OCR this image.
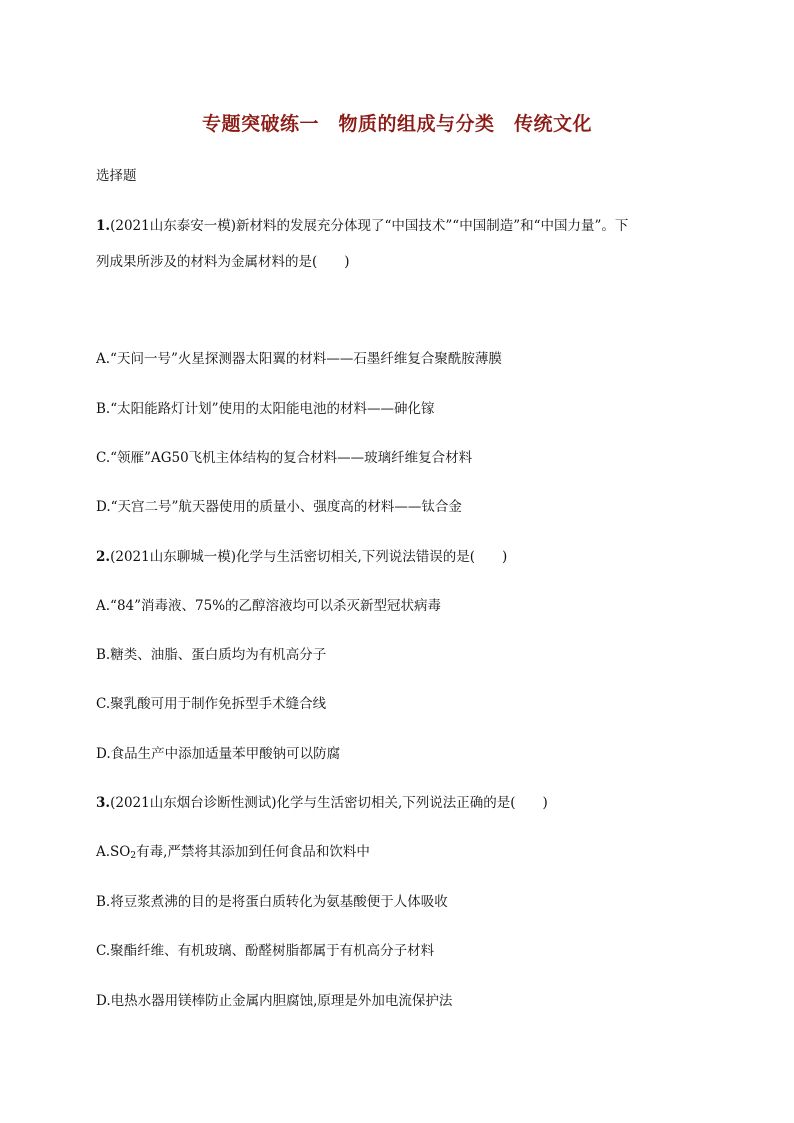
专题突破练一　物质的组成与分类　传统文化
选择题
1.(2021山东泰安一模)新材料的发展充分体现了“中国技术”“中国制造”和“中国力量”。下
列成果所涉及的材料为金属材料的是(　　)
A.“天问一号”火星探测器太阳翼的材料——石墨纤维复合聚酰胺薄膜
B.“太阳能路灯计划”使用的太阳能电池的材料——砷化镓
C.“领雁”AG50飞机主体结构的复合材料——玻璃纤维复合材料
D.“天宫二号”航天器使用的质量小、强度高的材料——钛合金
2.(2021山东聊城一模)化学与生活密切相关,下列说法错误的是(　　)
A.“84”消毒液、75%的乙醇溶液均可以杀灭新型冠状病毒
B.糖类、油脂、蛋白质均为有机高分子
C.聚乳酸可用于制作免拆型手术缝合线
D.食品生产中添加适量苯甲酸钠可以防腐
3.(2021山东烟台诊断性测试)化学与生活密切相关,下列说法正确的是(　　)
$A.SO_2$有毒,严禁将其添加到任何食品和饮料中
B.将豆浆煮沸的目的是将蛋白质转化为氨基酸便于人体吸收
C.聚酯纤维、有机玻璃、酚醛树脂都属于有机高分子材料
D.电热水器用镁棒防止金属内胆腐蚀,原理是外加电流保护法
